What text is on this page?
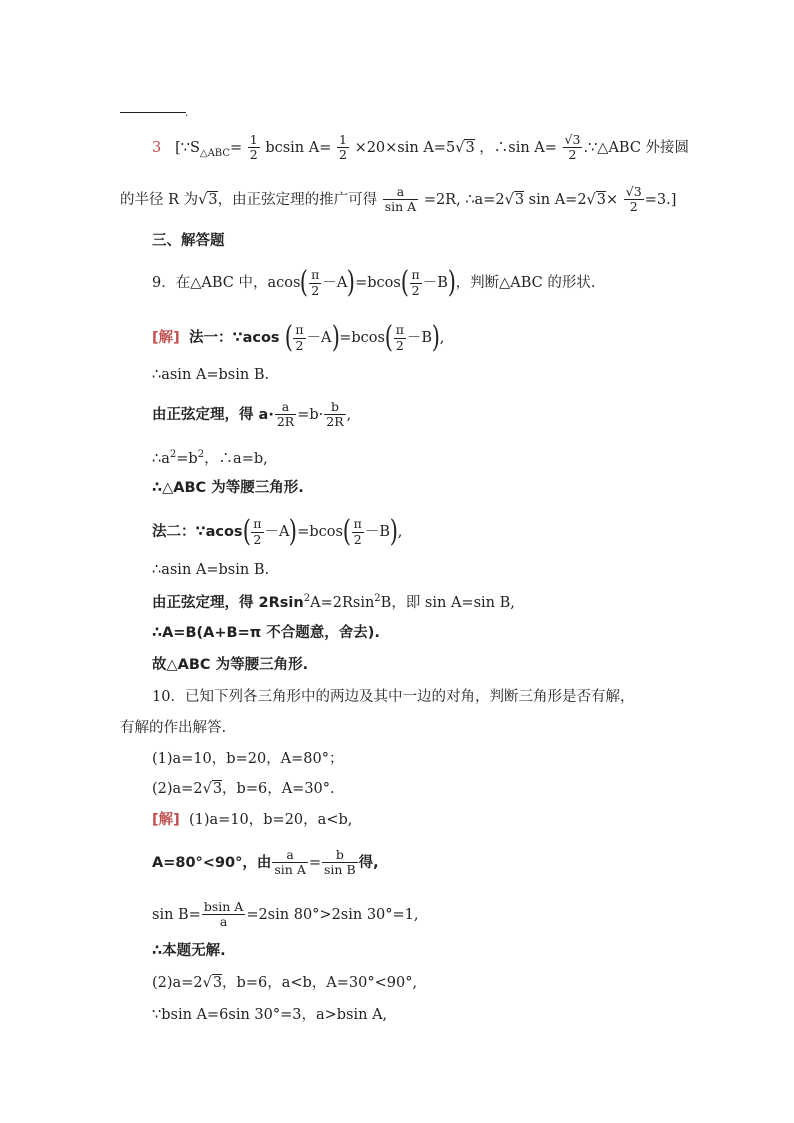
.
3 [$\because S_{\triangle ABC}= \frac{1}{2}$ bcsin $A= \frac{1}{2} \times 20\times\sin$ A=5√3 ，∴sin $A= \frac{√3}{2}$ .∵△ABC 外接圆
的半径 R 为√3，由正弦定理的推广可得 $\frac{a}{\text{sin A}} =2R$, ∴a=2√3 $\sin A=2√3\times \frac{√3}{2} =3$.]
三、解答题
9．在△ABC 中，$acos( \frac{\pi}{2} -A)=bcos( \frac{\pi}{2} -B)$，判断△ABC 的形状.
[解] 法一：∵acos ( $\frac{\pi}{2} -A)=bcos( \frac{\pi}{2} -B)$,
∴asin A=bsin B.
由正弦定理，得 $a\cdot \frac{a}{2R} =b\cdot \frac{b}{2R}$ ,
$\therefore a^2=b^2$，∴a=b,
∴△ABC 为等腰三角形.
法二：∵acos( $\frac{\pi}{2} -A)=bcos( \frac{\pi}{2} -B)$,
∴asin A=bsin B.
由正弦定理，得 2Rsin$^2$A=2Rsin$^2$B，即 sin A=sin B,
∴A=B(A+B=π 不合题意，舍去).
故△ABC 为等腰三角形.
10．已知下列各三角形中的两边及其中一边的对角，判断三角形是否有解，
有解的作出解答.
(1)a=10，b=20，A=80°；
(2)a=2√3，b=6，A=30°.
[解] (1)a=10，b=20，a<b,
A=80°<90°，由 $\frac{a}{\text{sin A}} = \frac{b}{\text{sin B}}$ 得,
$\sin B= \frac{\text{bsin A}}{a} =2\sin$ 80°>2sin 30°=1,
∴本题无解.
(2)a=2√3，b=6，a<b，A=30°<90°,
∵bsin A=6sin 30°=3，a>bsin A,
